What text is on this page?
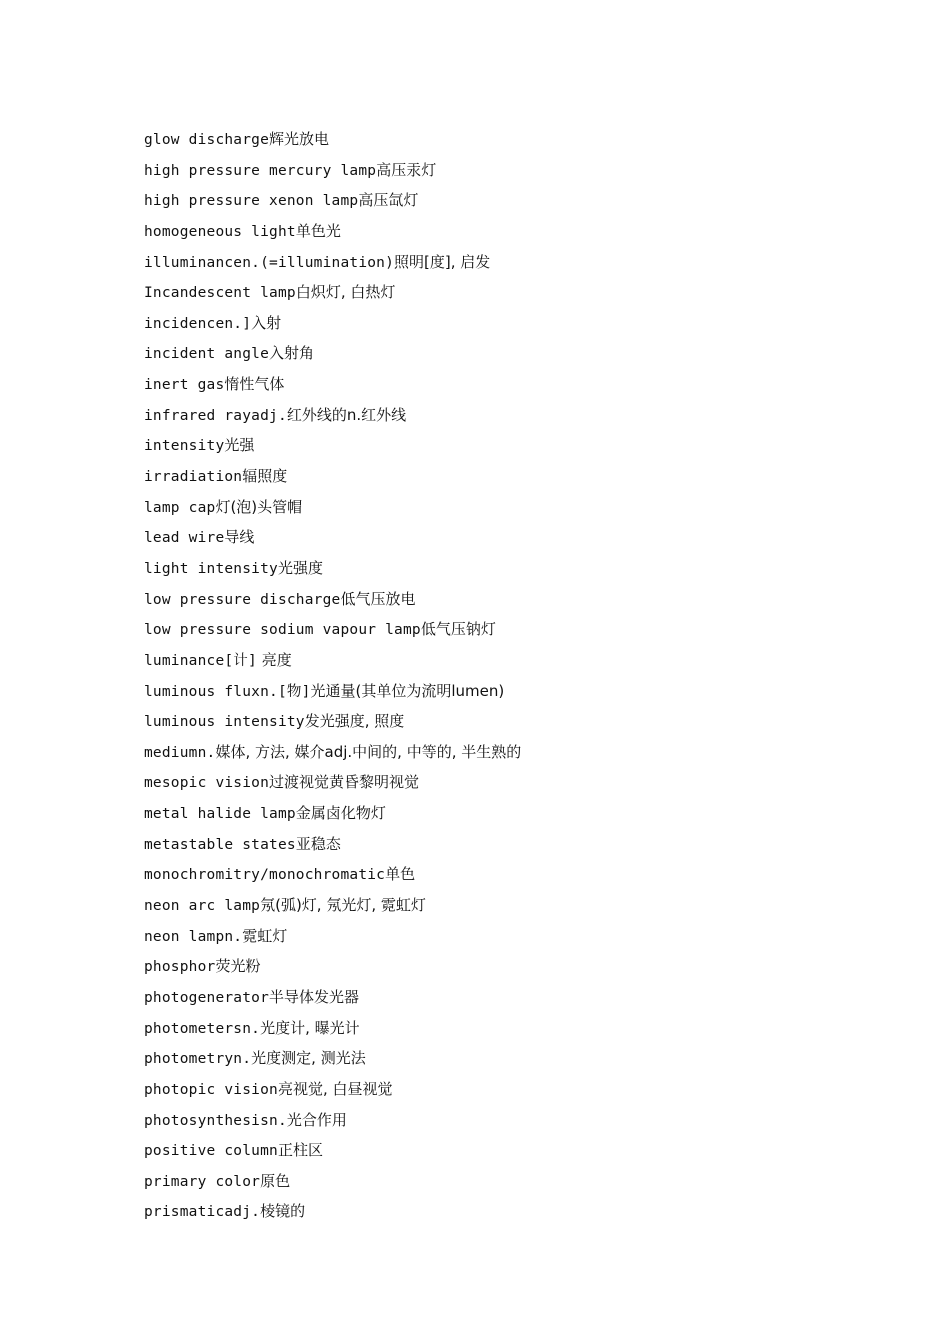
glow discharge辉光放电
high pressure mercury lamp高压汞灯
high pressure xenon lamp高压氙灯
homogeneous light单色光
illuminancen.(=illumination)照明[度], 启发
Incandescent lamp白炽灯, 白热灯
incidencen.]入射
incident angle入射角
inert gas惰性气体
infrared rayadj.红外线的n.红外线
intensity光强
irradiation辐照度
lamp cap灯(泡)头管帽
lead wire导线
light intensity光强度
low pressure discharge低气压放电
low pressure sodium vapour lamp低气压钠灯
luminance[计] 亮度
luminous fluxn.[物]光通量(其单位为流明lumen)
luminous intensity发光强度, 照度
mediumn.媒体, 方法, 媒介adj.中间的, 中等的, 半生熟的
mesopic vision过渡视觉黄昏黎明视觉
metal halide lamp金属卤化物灯
metastable states亚稳态
monochromitry/monochromatic单色
neon arc lamp氖(弧)灯, 氖光灯, 霓虹灯
neon lampn.霓虹灯
phosphor荧光粉
photogenerator半导体发光器
photometersn.光度计, 曝光计
photometryn.光度测定, 测光法
photopic vision亮视觉, 白昼视觉
photosynthesisn.光合作用
positive column正柱区
primary color原色
prismaticadj.棱镜的
